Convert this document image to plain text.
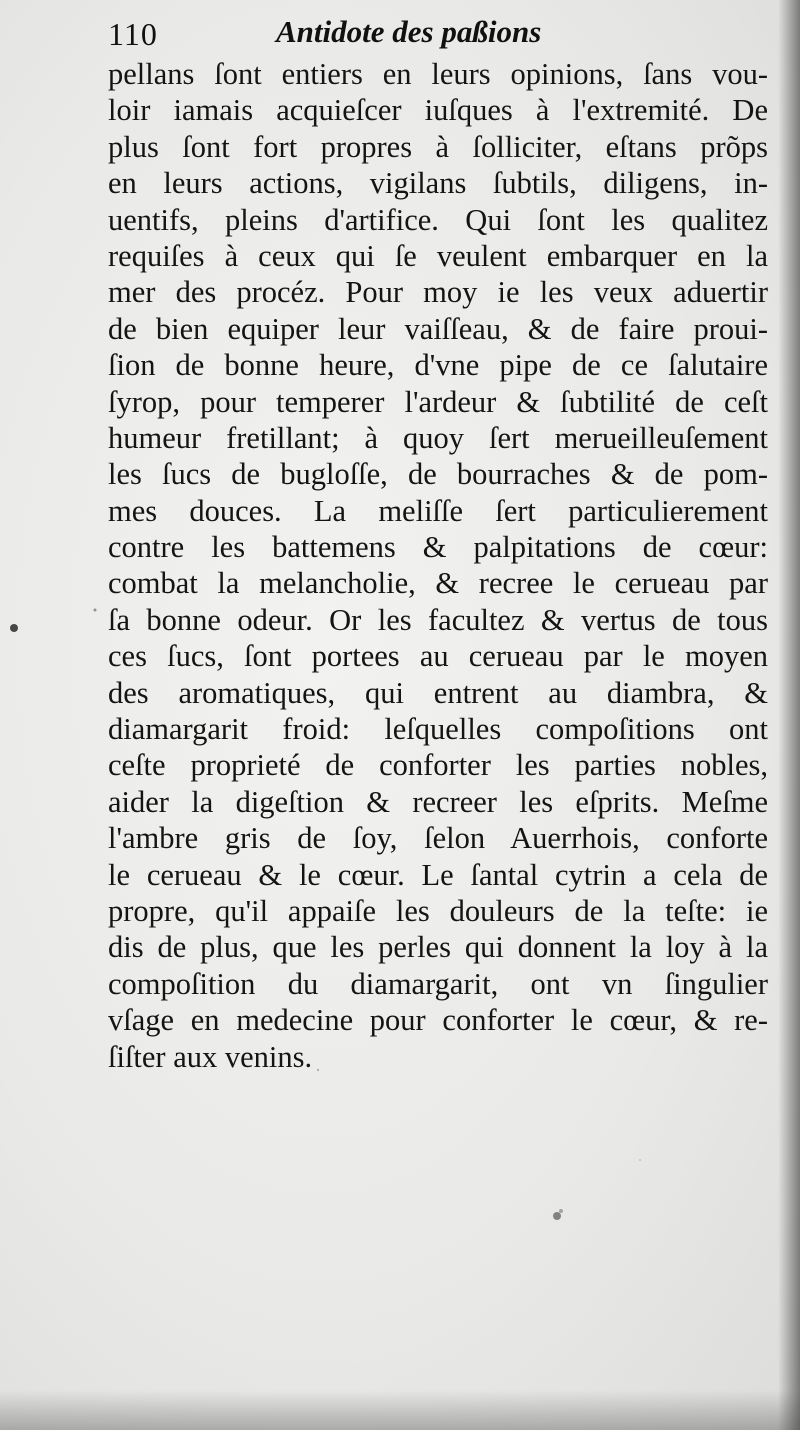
110	Antidote des paßions
pellans ſont entiers en leurs opinions, ſans vou-
loir iamais acquieſcer iuſques à l'extremité. De
plus ſont fort propres à ſolliciter, eſtans prõps
en leurs actions, vigilans ſubtils, diligens, in-
uentifs, pleins d'artifice. Qui ſont les qualitez
requiſes à ceux qui ſe veulent embarquer en la
mer des procéz. Pour moy ie les veux aduertir
de bien equiper leur vaiſſeau, & de faire proui-
ſion de bonne heure, d'vne pipe de ce ſalutaire
ſyrop, pour temperer l'ardeur & ſubtilité de ceſt
humeur fretillant; à quoy ſert merueilleuſement
les ſucs de bugloſſe, de bourraches & de pom-
mes douces. La meliſſe ſert particulierement
contre les battemens & palpitations de cœur:
combat la melancholie, & recree le cerueau par
ſa bonne odeur. Or les facultez & vertus de tous
ces ſucs, ſont portees au cerueau par le moyen
des aromatiques, qui entrent au diambra, &
diamargarit froid: leſquelles compoſitions ont
ceſte proprieté de conforter les parties nobles,
aider la digeſtion & recreer les eſprits. Meſme
l'ambre gris de ſoy, ſelon Auerrhois, conforte
le cerueau & le cœur. Le ſantal cytrin a cela de
propre, qu'il appaiſe les douleurs de la teſte: ie
dis de plus, que les perles qui donnent la loy à la
compoſition du diamargarit, ont vn ſingulier
vſage en medecine pour conforter le cœur, & re-
ſiſter aux venins.
